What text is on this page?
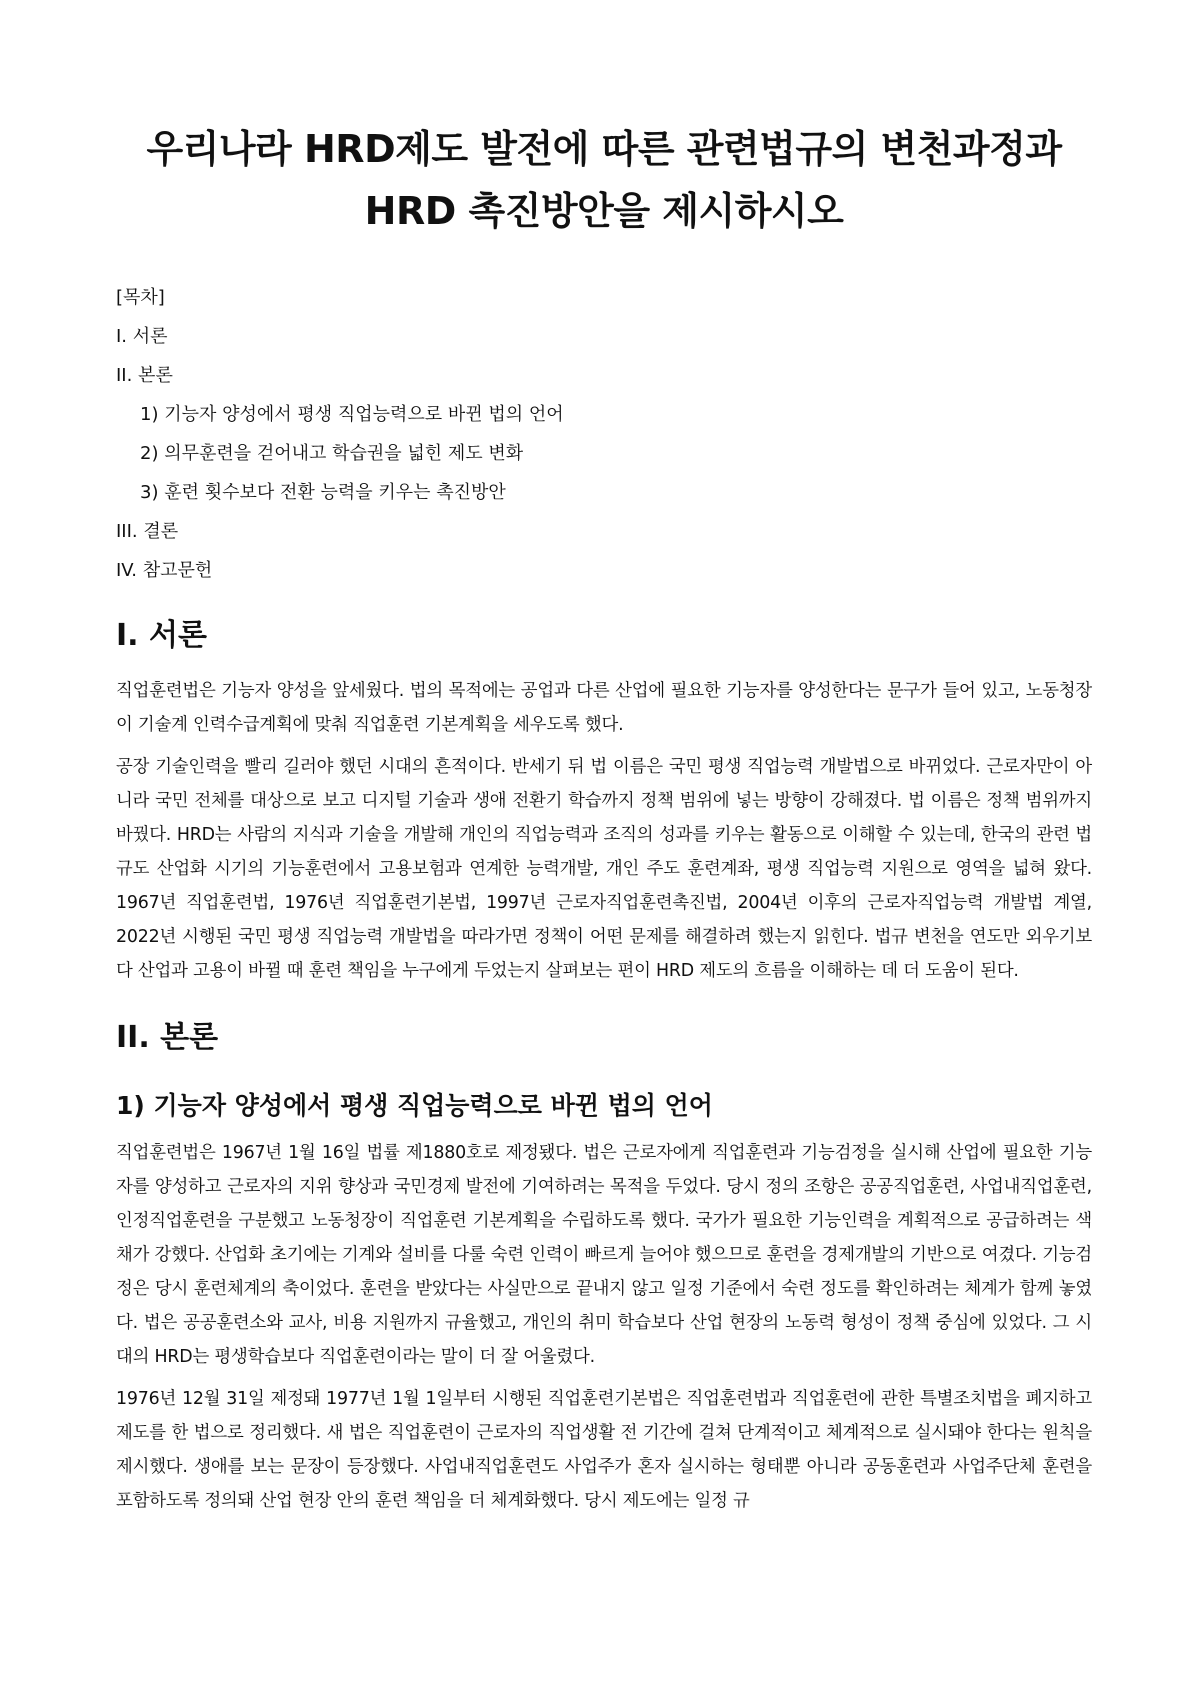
우리나라 HRD제도 발전에 따른 관련법규의 변천과정과 HRD 촉진방안을 제시하시오

[목차]

I. 서론
II. 본론
1) 기능자 양성에서 평생 직업능력으로 바뀐 법의 언어
2) 의무훈련을 걷어내고 학습권을 넓힌 제도 변화
3) 훈련 횟수보다 전환 능력을 키우는 촉진방안
III. 결론
IV. 참고문헌
I. 서론

직업훈련법은 기능자 양성을 앞세웠다. 법의 목적에는 공업과 다른 산업에 필요한 기능자를 양성한다는 문구가 들어 있고, 노동청장이 기술계 인력수급계획에 맞춰 직업훈련 기본계획을 세우도록 했다.

공장 기술인력을 빨리 길러야 했던 시대의 흔적이다. 반세기 뒤 법 이름은 국민 평생 직업능력 개발법으로 바뀌었다. 근로자만이 아니라 국민 전체를 대상으로 보고 디지털 기술과 생애 전환기 학습까지 정책 범위에 넣는 방향이 강해졌다. 법 이름은 정책 범위까지 바꿨다. HRD는 사람의 지식과 기술을 개발해 개인의 직업능력과 조직의 성과를 키우는 활동으로 이해할 수 있는데, 한국의 관련 법규도 산업화 시기의 기능훈련에서 고용보험과 연계한 능력개발, 개인 주도 훈련계좌, 평생 직업능력 지원으로 영역을 넓혀 왔다. 1967년 직업훈련법, 1976년 직업훈련기본법, 1997년 근로자직업훈련촉진법, 2004년 이후의 근로자직업능력 개발법 계열, 2022년 시행된 국민 평생 직업능력 개발법을 따라가면 정책이 어떤 문제를 해결하려 했는지 읽힌다. 법규 변천을 연도만 외우기보다 산업과 고용이 바뀔 때 훈련 책임을 누구에게 두었는지 살펴보는 편이 HRD 제도의 흐름을 이해하는 데 더 도움이 된다.

II. 본론
1) 기능자 양성에서 평생 직업능력으로 바뀐 법의 언어

직업훈련법은 1967년 1월 16일 법률 제1880호로 제정됐다. 법은 근로자에게 직업훈련과 기능검정을 실시해 산업에 필요한 기능자를 양성하고 근로자의 지위 향상과 국민경제 발전에 기여하려는 목적을 두었다. 당시 정의 조항은 공공직업훈련, 사업내직업훈련, 인정직업훈련을 구분했고 노동청장이 직업훈련 기본계획을 수립하도록 했다. 국가가 필요한 기능인력을 계획적으로 공급하려는 색채가 강했다. 산업화 초기에는 기계와 설비를 다룰 숙련 인력이 빠르게 늘어야 했으므로 훈련을 경제개발의 기반으로 여겼다. 기능검정은 당시 훈련체계의 축이었다. 훈련을 받았다는 사실만으로 끝내지 않고 일정 기준에서 숙련 정도를 확인하려는 체계가 함께 놓였다. 법은 공공훈련소와 교사, 비용 지원까지 규율했고, 개인의 취미 학습보다 산업 현장의 노동력 형성이 정책 중심에 있었다. 그 시대의 HRD는 평생학습보다 직업훈련이라는 말이 더 잘 어울렸다.

1976년 12월 31일 제정돼 1977년 1월 1일부터 시행된 직업훈련기본법은 직업훈련법과 직업훈련에 관한 특별조치법을 폐지하고 제도를 한 법으로 정리했다. 새 법은 직업훈련이 근로자의 직업생활 전 기간에 걸쳐 단계적이고 체계적으로 실시돼야 한다는 원칙을 제시했다. 생애를 보는 문장이 등장했다. 사업내직업훈련도 사업주가 혼자 실시하는 형태뿐 아니라 공동훈련과 사업주단체 훈련을 포함하도록 정의돼 산업 현장 안의 훈련 책임을 더 체계화했다. 당시 제도에는 일정 규
